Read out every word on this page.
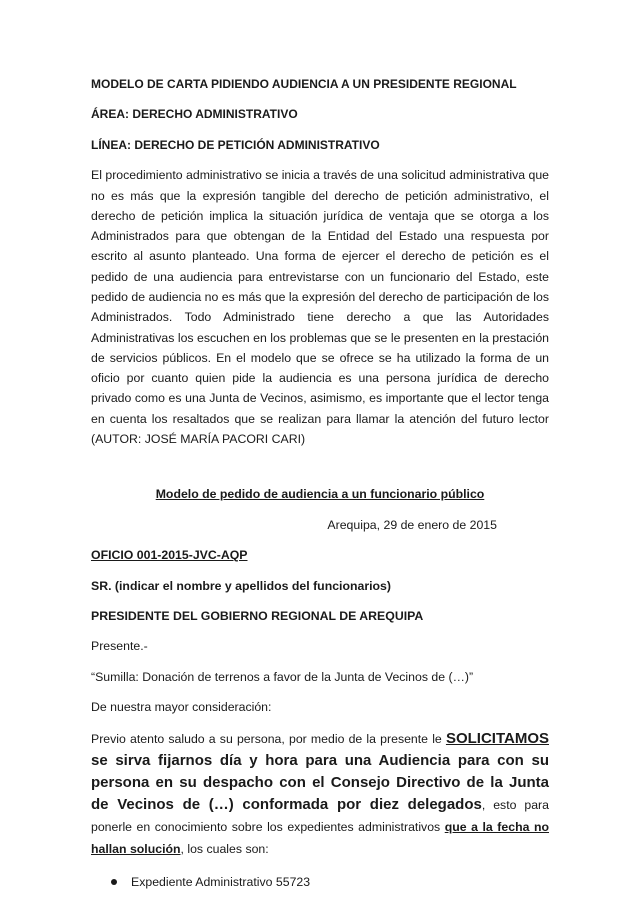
MODELO DE CARTA PIDIENDO AUDIENCIA A UN PRESIDENTE REGIONAL

ÁREA: DERECHO ADMINISTRATIVO

LÍNEA: DERECHO DE PETICIÓN ADMINISTRATIVO

El procedimiento administrativo se inicia a través de una solicitud administrativa que no es más que la expresión tangible del derecho de petición administrativo, el derecho de petición implica la situación jurídica de ventaja que se otorga a los Administrados para que obtengan de la Entidad del Estado una respuesta por escrito al asunto planteado. Una forma de ejercer el derecho de petición es el pedido de una audiencia para entrevistarse con un funcionario del Estado, este pedido de audiencia no es más que la expresión del derecho de participación de los Administrados. Todo Administrado tiene derecho a que las Autoridades Administrativas los escuchen en los problemas que se le presenten en la prestación de servicios públicos. En el modelo que se ofrece se ha utilizado la forma de un oficio por cuanto quien pide la audiencia es una persona jurídica de derecho privado como es una Junta de Vecinos, asimismo, es importante que el lector tenga en cuenta los resaltados que se realizan para llamar la atención del futuro lector (AUTOR: JOSÉ MARÍA PACORI CARI)

Modelo de pedido de audiencia a un funcionario público

Arequipa, 29 de enero de 2015

OFICIO 001-2015-JVC-AQP

SR. (indicar el nombre y apellidos del funcionarios)

PRESIDENTE DEL GOBIERNO REGIONAL DE AREQUIPA

Presente.-

“Sumilla: Donación de terrenos a favor de la Junta de Vecinos de (…)”

De nuestra mayor consideración:

Previo atento saludo a su persona, por medio de la presente le SOLICITAMOS se sirva fijarnos día y hora para una Audiencia para con su persona en su despacho con el Consejo Directivo de la Junta de Vecinos de (…) conformada por diez delegados, esto para ponerle en conocimiento sobre los expedientes administrativos que a la fecha no hallan solución, los cuales son:

Expediente Administrativo 55723
